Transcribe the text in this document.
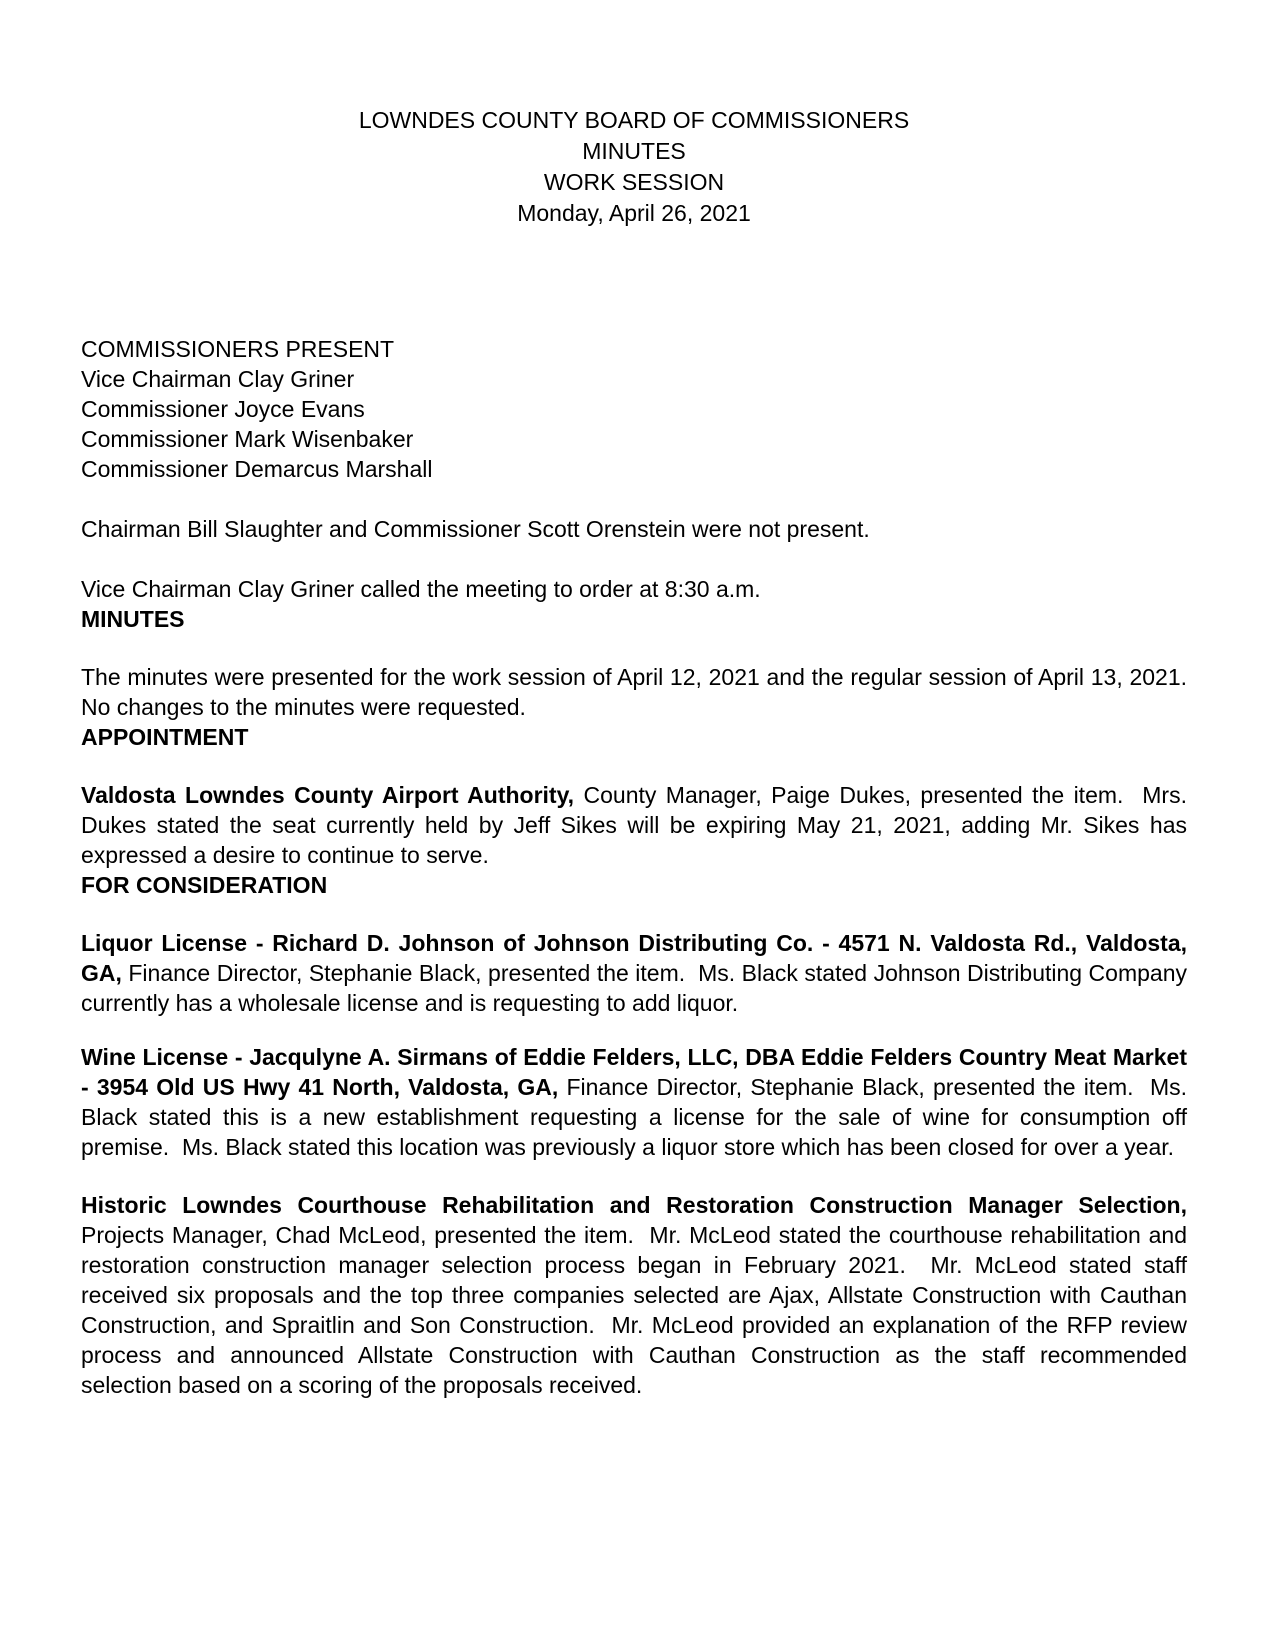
LOWNDES COUNTY BOARD OF COMMISSIONERS

MINUTES

WORK SESSION

Monday, April 26, 2021

COMMISSIONERS PRESENT

Vice Chairman Clay Griner

Commissioner Joyce Evans

Commissioner Mark Wisenbaker

Commissioner Demarcus Marshall

Chairman Bill Slaughter and Commissioner Scott Orenstein were not present.

Vice Chairman Clay Griner called the meeting to order at 8:30 a.m.

MINUTES

The minutes were presented for the work session of April 12, 2021 and the regular session of April 13, 2021.  No changes to the minutes were requested.

APPOINTMENT

Valdosta Lowndes County Airport Authority, County Manager, Paige Dukes, presented the item.  Mrs. Dukes stated the seat currently held by Jeff Sikes will be expiring May 21, 2021, adding Mr. Sikes has expressed a desire to continue to serve.

FOR CONSIDERATION

Liquor License - Richard D. Johnson of Johnson Distributing Co. - 4571 N. Valdosta Rd., Valdosta, GA, Finance Director, Stephanie Black, presented the item.  Ms. Black stated Johnson Distributing Company currently has a wholesale license and is requesting to add liquor.

Wine License - Jacqulyne A. Sirmans of Eddie Felders, LLC, DBA Eddie Felders Country Meat Market - 3954 Old US Hwy 41 North, Valdosta, GA, Finance Director, Stephanie Black, presented the item.  Ms. Black stated this is a new establishment requesting a license for the sale of wine for consumption off premise.  Ms. Black stated this location was previously a liquor store which has been closed for over a year.

Historic Lowndes Courthouse Rehabilitation and Restoration Construction Manager Selection, Projects Manager, Chad McLeod, presented the item.  Mr. McLeod stated the courthouse rehabilitation and restoration construction manager selection process began in February 2021.  Mr. McLeod stated staff received six proposals and the top three companies selected are Ajax, Allstate Construction with Cauthan Construction, and Spraitlin and Son Construction.  Mr. McLeod provided an explanation of the RFP review process and announced Allstate Construction with Cauthan Construction as the staff recommended selection based on a scoring of the proposals received.
